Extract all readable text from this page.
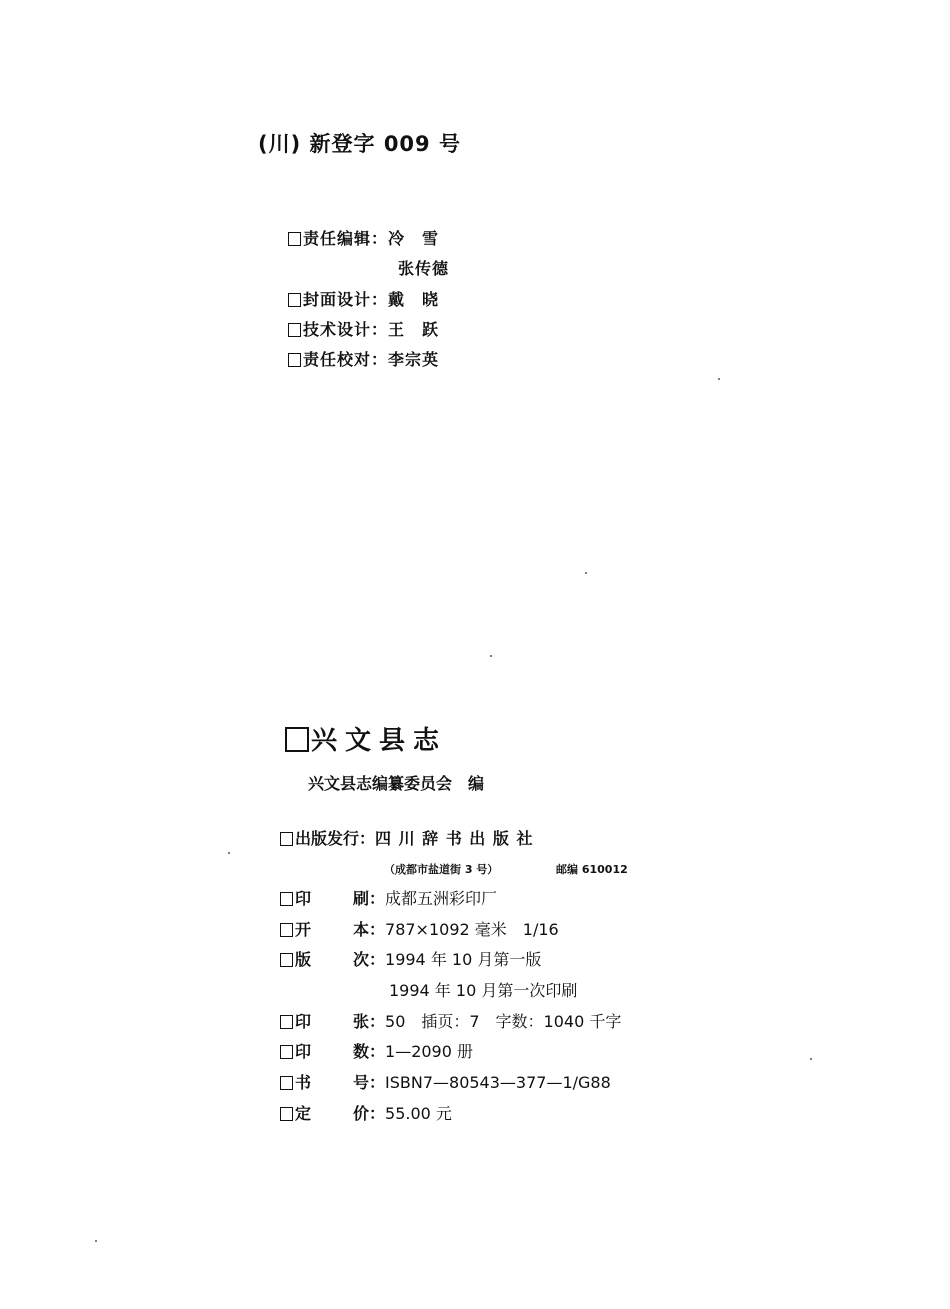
(川) 新登字 009 号
责任编辑：冷　雪
张传德
封面设计：戴　晓
技术设计：王　跃
责任校对：李宗英
兴文县志
兴文县志编纂委员会　编
出版发行：四 川 辞 书 出 版 社
（成都市盐道街 3 号）	邮编 610012
印	刷：成都五洲彩印厂
开	本：787×1092 毫米　1/16
版	次：1994 年 10 月第一版
1994 年 10 月第一次印刷
印	张：50　插页：7　字数：1040 千字
印	数：1—2090 册
书	号：ISBN7—80543—377—1/G88
定	价：55.00 元
